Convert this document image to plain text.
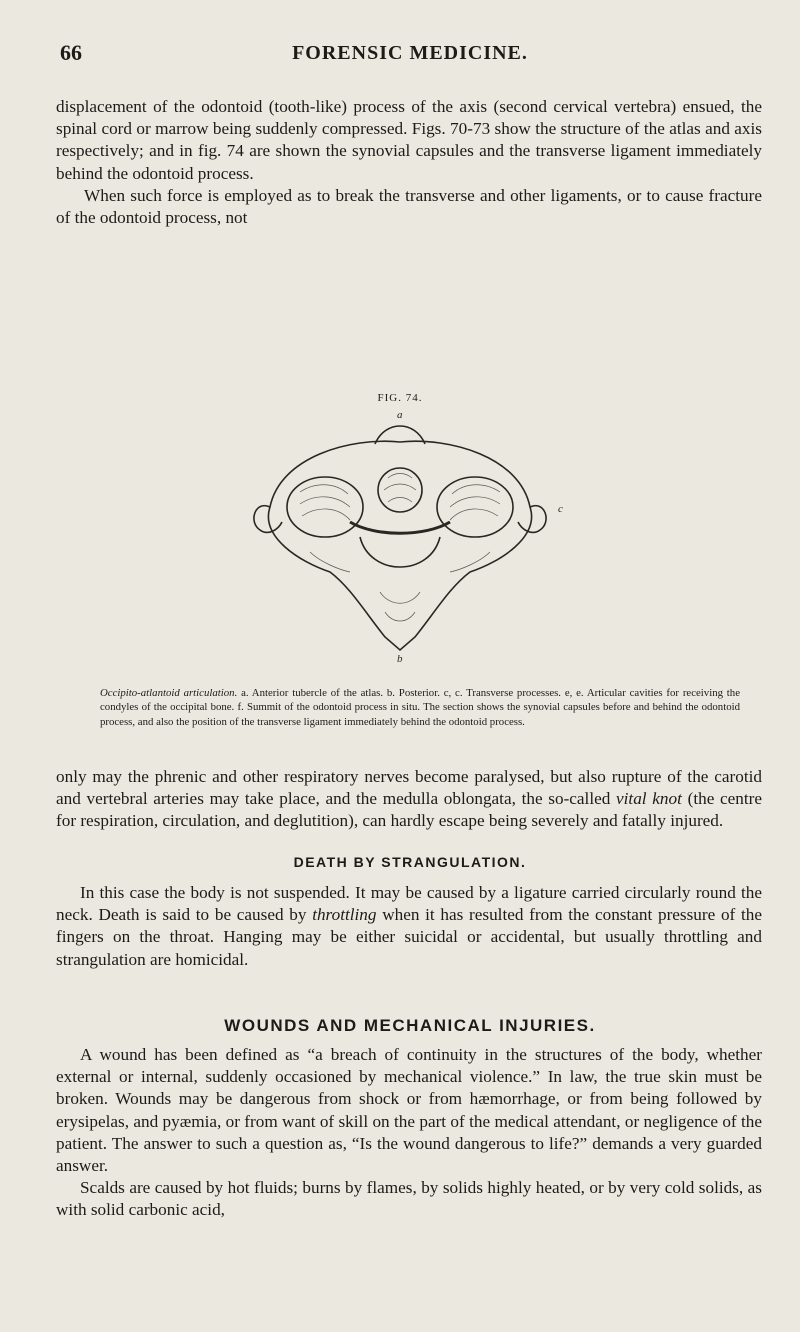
66	FORENSIC MEDICINE.

displacement of the odontoid (tooth-like) process of the axis (second cervical vertebra) ensued, the spinal cord or marrow being suddenly compressed. Figs. 70-73 show the structure of the atlas and axis respectively; and in fig. 74 are shown the synovial capsules and the transverse ligament immediately behind the odontoid process.

When such force is employed as to break the transverse and other ligaments, or to cause fracture of the odontoid process, not

FIG. 74.
a
c
b
Occipito-atlantoid articulation. a. Anterior tubercle of the atlas. b. Posterior. c, c. Transverse processes. e, e. Articular cavities for receiving the condyles of the occipital bone. f. Summit of the odontoid process in situ. The section shows the synovial capsules before and behind the odontoid process, and also the position of the transverse ligament immediately behind the odontoid process.

only may the phrenic and other respiratory nerves become paralysed, but also rupture of the carotid and vertebral arteries may take place, and the medulla oblongata, the so-called vital knot (the centre for respiration, circulation, and deglutition), can hardly escape being severely and fatally injured.

DEATH BY STRANGULATION.

In this case the body is not suspended. It may be caused by a ligature carried circularly round the neck. Death is said to be caused by throttling when it has resulted from the constant pressure of the fingers on the throat. Hanging may be either suicidal or accidental, but usually throttling and strangulation are homicidal.

WOUNDS AND MECHANICAL INJURIES.

A wound has been defined as “a breach of continuity in the structures of the body, whether external or internal, suddenly occasioned by mechanical violence.” In law, the true skin must be broken. Wounds may be dangerous from shock or from hæmorrhage, or from being followed by erysipelas, and pyæmia, or from want of skill on the part of the medical attendant, or negligence of the patient. The answer to such a question as, “Is the wound dangerous to life?” demands a very guarded answer.

Scalds are caused by hot fluids; burns by flames, by solids highly heated, or by very cold solids, as with solid carbonic acid,
